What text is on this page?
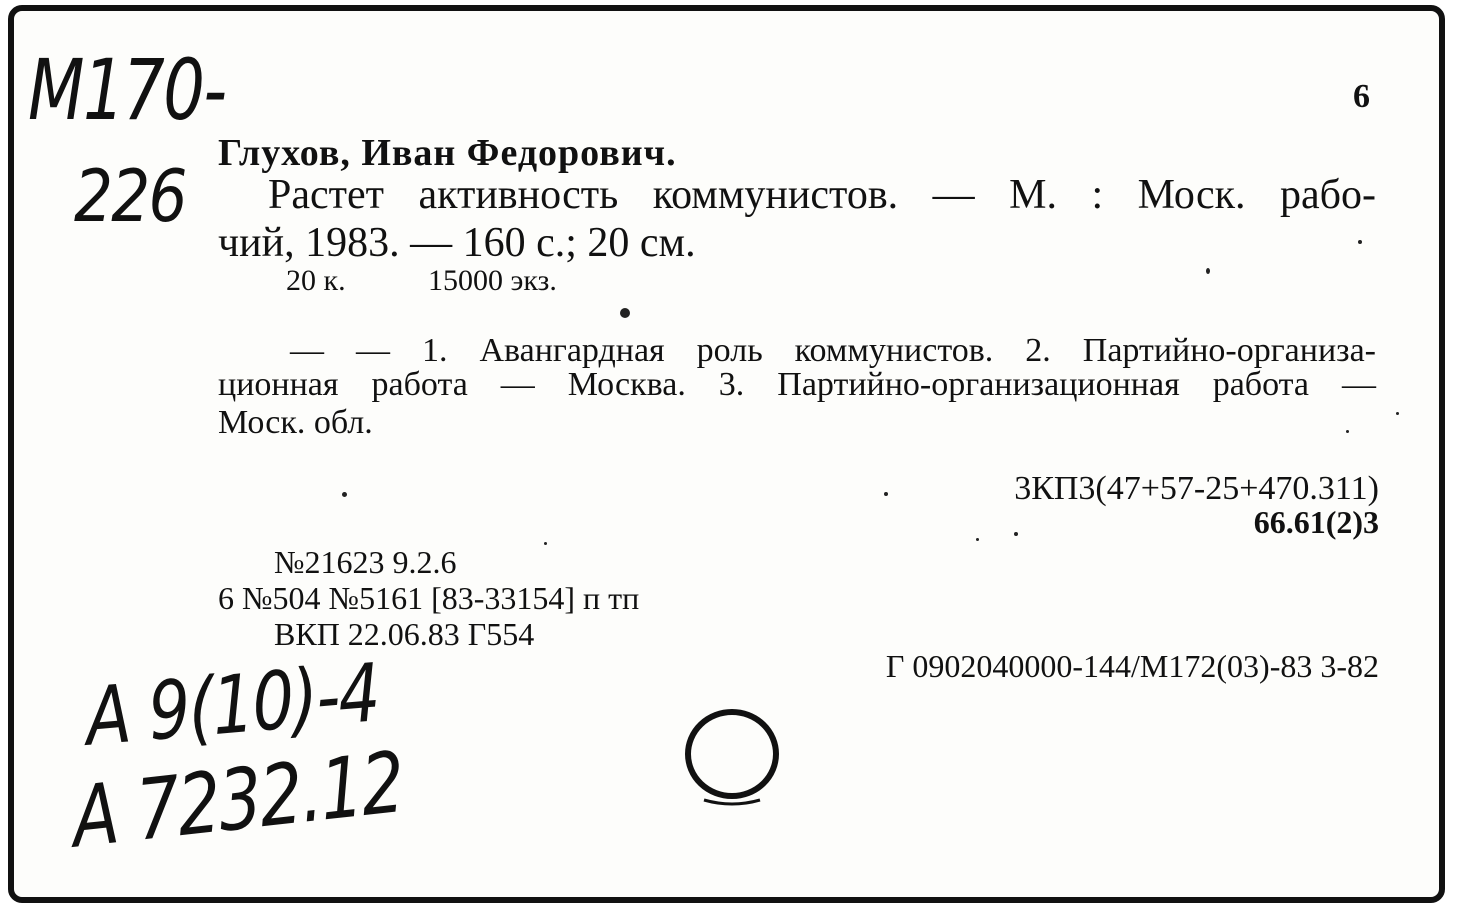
М170-
226
6
Глухов, Иван Федорович.
Растет активность коммунистов. — М. : Моск. рабо-
чий, 1983. — 160 с.; 20 см.
20 к.	15000 экз.
— — 1. Авангардная роль коммунистов. 2. Партийно-организа-
ционная работа — Москва. 3. Партийно-организационная работа —
Моск. обл.
3КП3(47+57-25+470.311)
66.61(2)3
№21623 9.2.6
6 №504 №5161 [83-33154] п тп
ВКП 22.06.83 Г554
Г 0902040000-144/М172(03)-83 3-82
А 9(10)-4
А 7232.12
